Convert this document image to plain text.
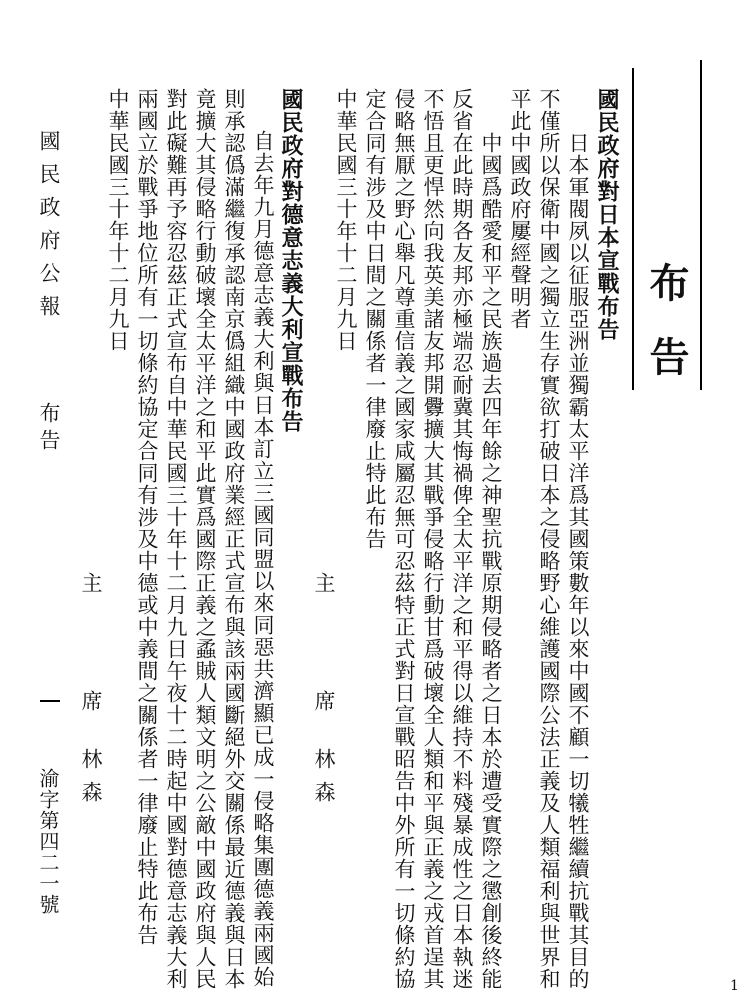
布告
國民政府對日本宣戰布告
日本軍閥夙以征服亞洲並獨霸太平洋爲其國策數年以來中國不顧一切犧牲繼續抗戰其目的
不僅所以保衛中國之獨立生存實欲打破日本之侵略野心維護國際公法正義及人類福利與世界和
平此中國政府屢經聲明者
中國爲酷愛和平之民族過去四年餘之神聖抗戰原期侵略者之日本於遭受實際之懲創後終能
反省在此時期各友邦亦極端忍耐冀其悔禍俾全太平洋之和平得以維持不料殘暴成性之日本執迷
不悟且更悍然向我英美諸友邦開釁擴大其戰爭侵略行動甘爲破壞全人類和平與正義之戎首逞其
侵略無厭之野心舉凡尊重信義之國家咸屬忍無可忍茲特正式對日宣戰昭告中外所有一切條約協
定合同有涉及中日間之關係者一律廢止特此布告
中華民國三十年十二月九日
主
席
林森
國民政府對德意志義大利宣戰布告
自去年九月德意志義大利與日本訂立三國同盟以來同惡共濟顯已成一侵略集團德義兩國始
則承認僞滿繼復承認南京僞組織中國政府業經正式宣布與該兩國斷絕外交關係最近德義與日本
竟擴大其侵略行動破壞全太平洋之和平此實爲國際正義之蟊賊人類文明之公敵中國政府與人民
對此礙難再予容忍茲正式宣布自中華民國三十年十二月九日午夜十二時起中國對德意志義大利
兩國立於戰爭地位所有一切條約協定合同有涉及中德或中義間之關係者一律廢止特此布告
中華民國三十年十二月九日
主
席
林森
國民政府公報
布告
渝字第四二一號
1
